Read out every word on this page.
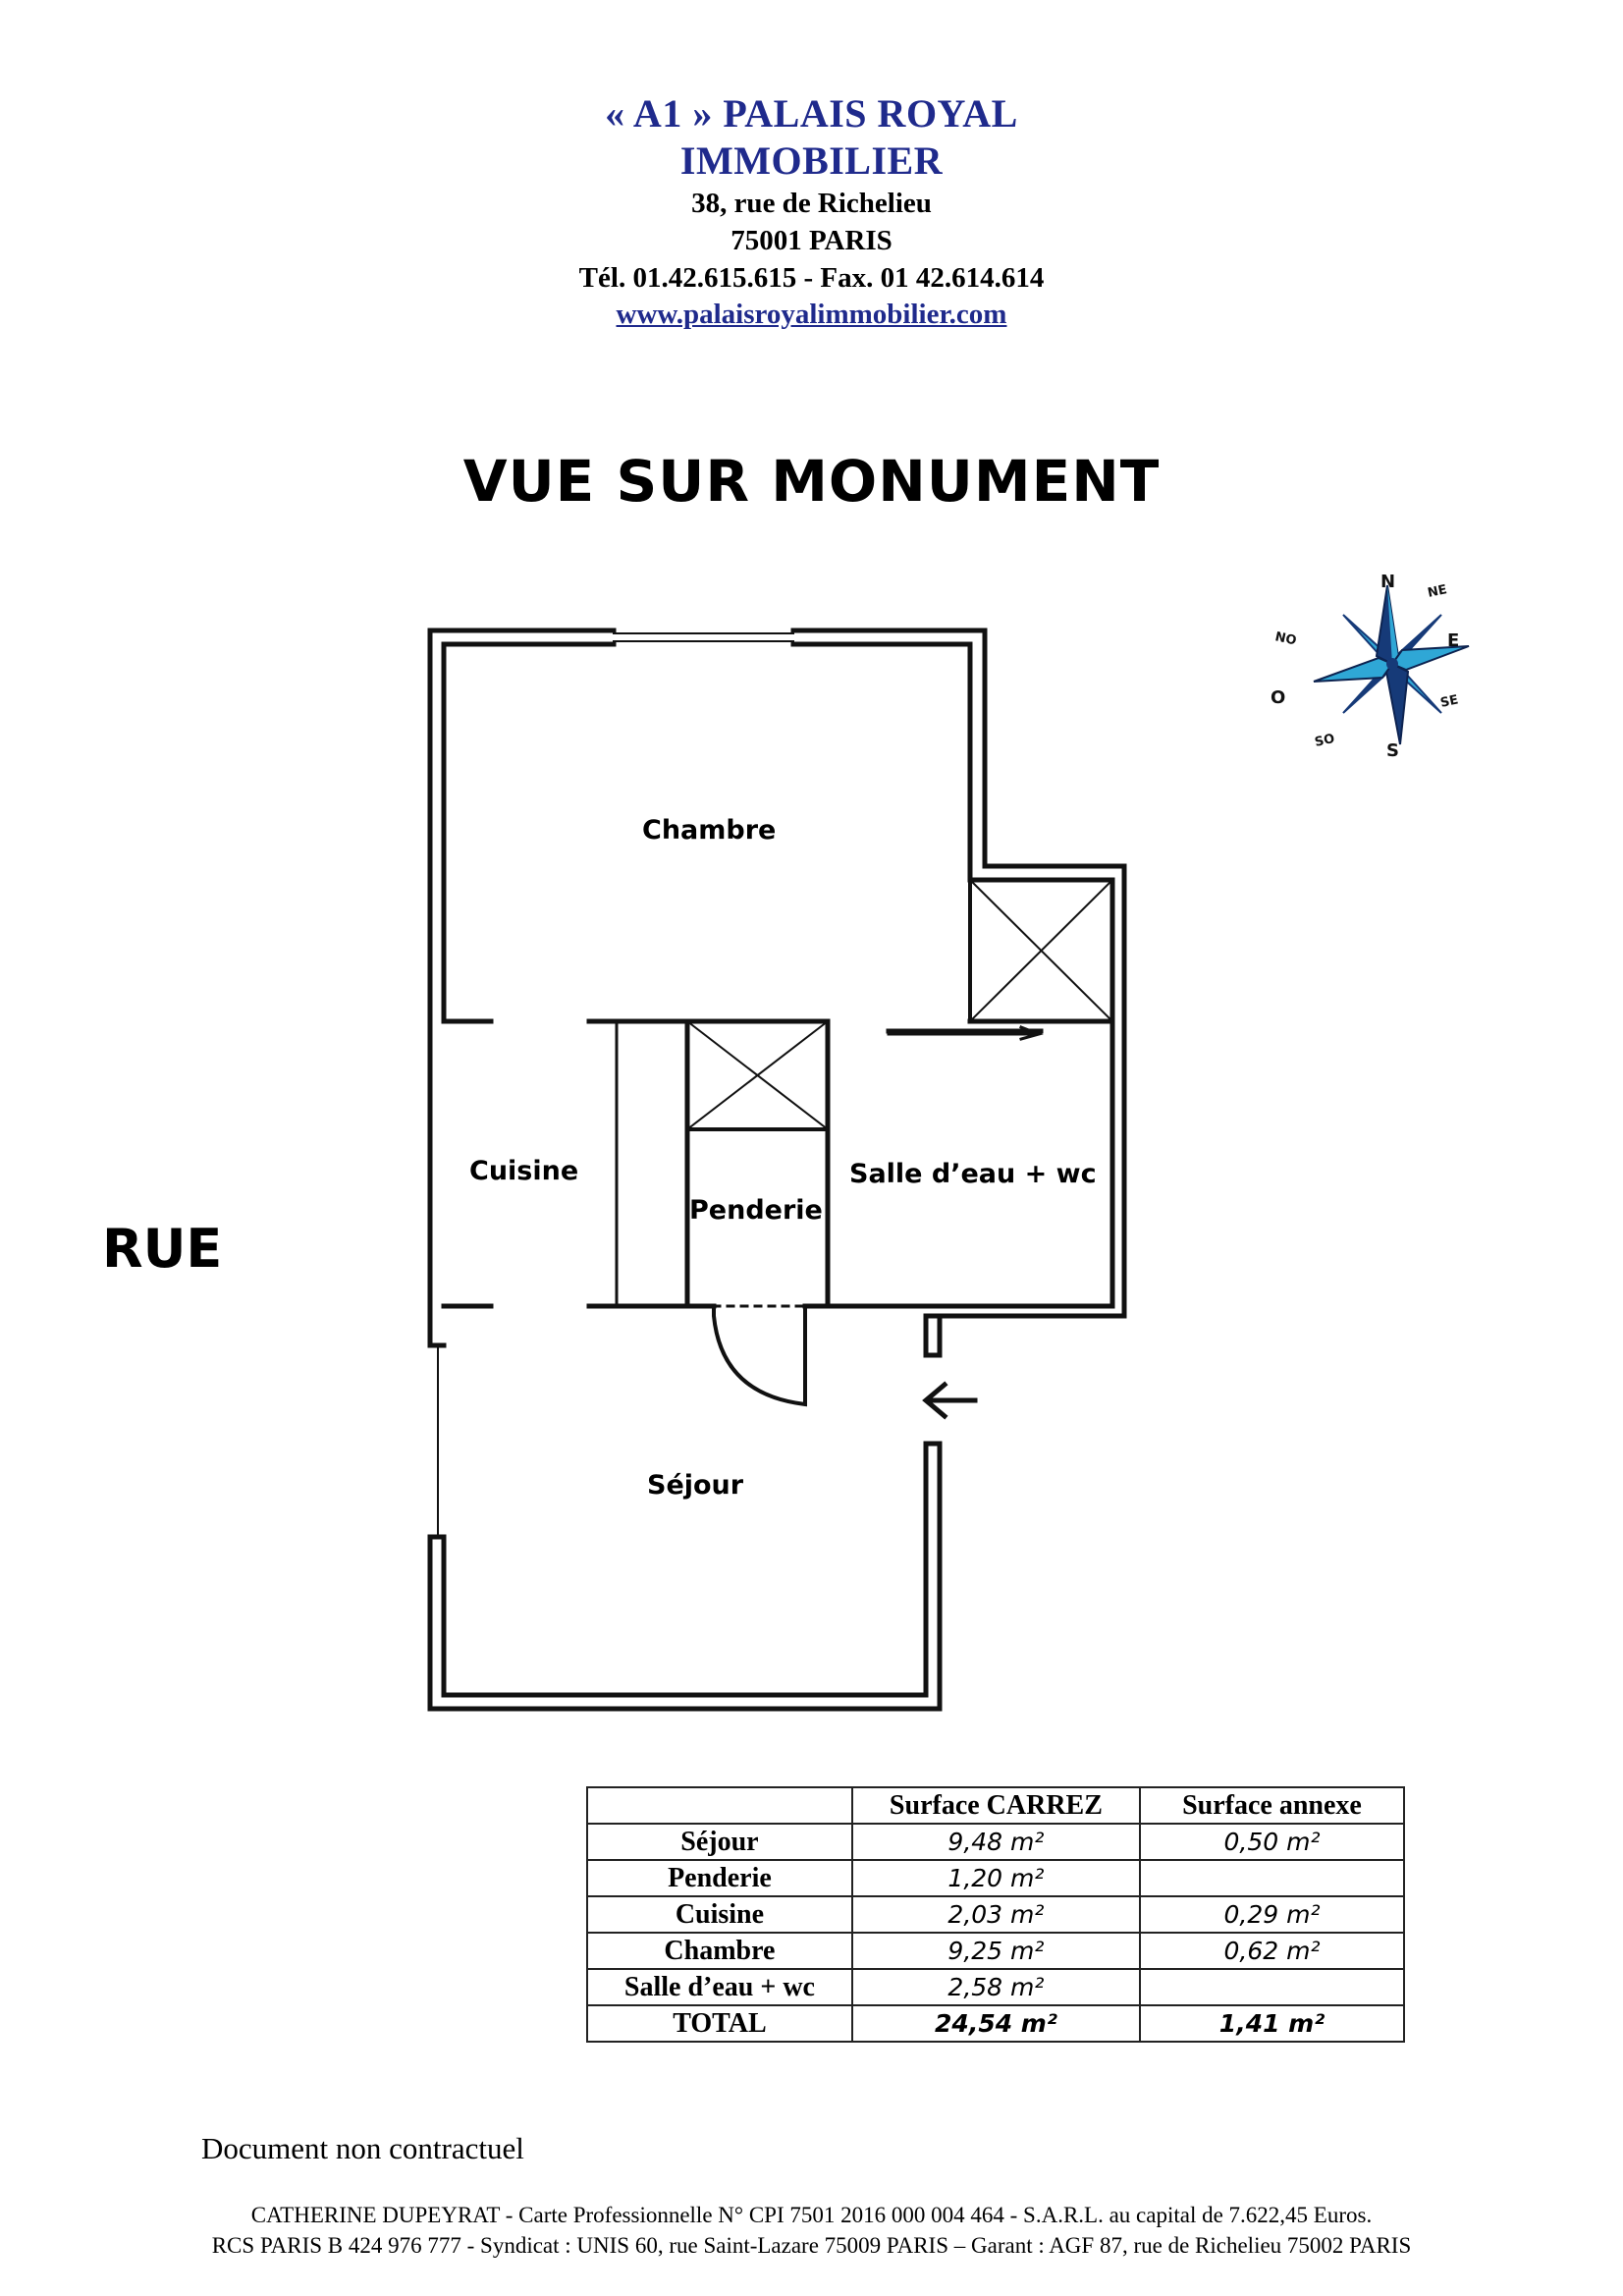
« A1 » PALAIS ROYAL
IMMOBILIER
38, rue de Richelieu
75001 PARIS
Tél. 01.42.615.615 - Fax. 01 42.614.614
www.palaisroyalimmobilier.com
VUE SUR MONUMENT
RUE
Chambre
Cuisine
Penderie
Salle d’eau + wc
Séjour
N
E
S
O
NE
SE
SO
NO
	Surface CARREZ	Surface annexe
Séjour	9,48 m²	0,50 m²
Penderie	1,20 m²	
Cuisine	2,03 m²	0,29 m²
Chambre	9,25 m²	0,62 m²
Salle d’eau + wc	2,58 m²	
TOTAL	24,54 m²	1,41 m²
Document non contractuel
CATHERINE DUPEYRAT - Carte Professionnelle N° CPI 7501 2016 000 004 464 - S.A.R.L. au capital de 7.622,45 Euros.
RCS PARIS B 424 976 777 - Syndicat : UNIS 60, rue Saint-Lazare 75009 PARIS – Garant : AGF 87, rue de Richelieu 75002 PARIS
